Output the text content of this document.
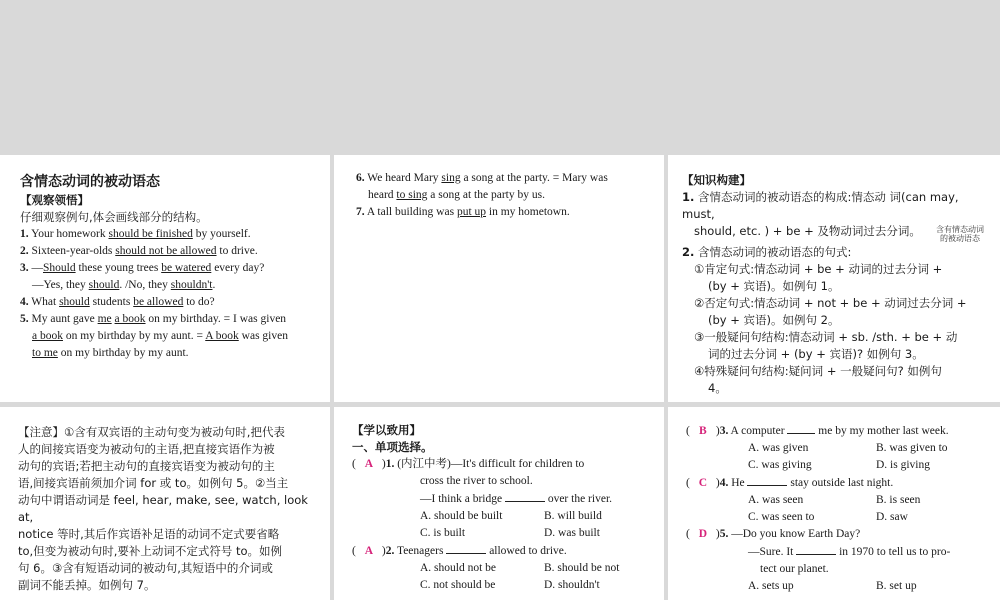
含情态动词的被动语态
【观察领悟】

仔细观察例句,体会画线部分的结构。

1. Your homework should be finished by yourself.

2. Sixteen-year-olds should not be allowed to drive.

3. —Should these young trees be watered every day?

—Yes, they should. /No, they shouldn't.

4. What should students be allowed to do?

5. My aunt gave me a book on my birthday. = I was given

a book on my birthday by my aunt. = A book was given

to me on my birthday by my aunt.

6. We heard Mary sing a song at the party. = Mary was

heard to sing a song at the party by us.

7. A tall building was put up in my hometown.

【知识构建】

1. 含情态动词的被动语态的构成:情态动 词(can may, must,

should, etc. ) + be + 及物动词过去分词。

2. 含情态动词的被动语态的句式:

含有情态动词
的被动语态

①肯定句式:情态动词 + be + 动词的过去分词 +

(by + 宾语)。如例句 1。

②否定句式:情态动词 + not + be + 动词过去分词 +

(by + 宾语)。如例句 2。

③一般疑问句结构:情态动词 + sb. /sth. + be + 动

词的过去分词 + (by + 宾语)? 如例句 3。

④特殊疑问句结构:疑问词 + 一般疑问句? 如例句

4。

【注意】①含有双宾语的主动句变为被动句时,把代表

人的间接宾语变为被动句的主语,把直接宾语作为被

动句的宾语;若把主动句的直接宾语变为被动句的主

语,间接宾语前须加介词 for 或 to。如例句 5。②当主

动句中谓语动词是 feel, hear, make, see, watch, look at,

notice 等时,其后作宾语补足语的动词不定式要省略

to,但变为被动句时,要补上动词不定式符号 to。如例

句 6。③含有短语动词的被动句,其短语中的介词或

副词不能丢掉。如例句 7。

【学以致用】
一、单项选择。

( A )1. (内江中考)—It's difficult for children to

cross the river to school.

—I think a bridge	over the river.

A. should be built	B. will build
C. is built	D. was built

( A )2. Teenagers	allowed to drive.

A. should not be	B. should be not
C. not should be	D. shouldn't

( B )3. A computer  me by my mother last week.

A. was given	B. was given to
C. was giving	D. is giving

( C )4. He	stay outside last night.

A. was seen	B. is seen
C. was seen to	D. saw

( D )5. —Do you know Earth Day?

—Sure. It	in 1970 to tell us to pro-

tect our planet.

A. sets up	B. set up
